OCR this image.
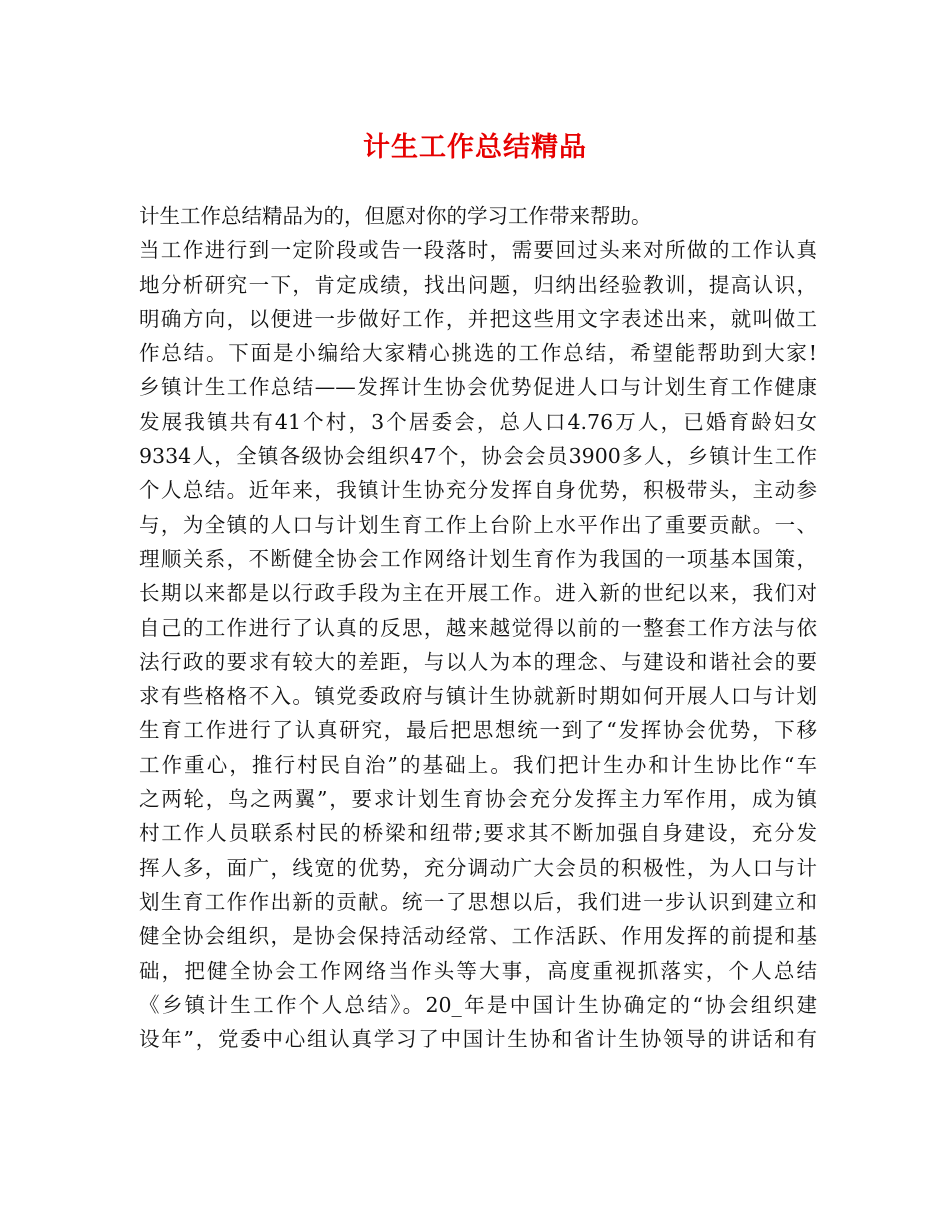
计生工作总结精品
计生工作总结精品为的，但愿对你的学习工作带来帮助。
当工作进行到一定阶段或告一段落时，需要回过头来对所做的工作认真
地分析研究一下，肯定成绩，找出问题，归纳出经验教训，提高认识，
明确方向，以便进一步做好工作，并把这些用文字表述出来，就叫做工
作总结。下面是小编给大家精心挑选的工作总结，希望能帮助到大家!
乡镇计生工作总结——发挥计生协会优势促进人口与计划生育工作健康
发展我镇共有41个村，3个居委会，总人口4.76万人，已婚育龄妇女
9334人，全镇各级协会组织47个，协会会员3900多人，乡镇计生工作
个人总结。近年来，我镇计生协充分发挥自身优势，积极带头，主动参
与，为全镇的人口与计划生育工作上台阶上水平作出了重要贡献。一、
理顺关系，不断健全协会工作网络计划生育作为我国的一项基本国策，
长期以来都是以行政手段为主在开展工作。进入新的世纪以来，我们对
自己的工作进行了认真的反思，越来越觉得以前的一整套工作方法与依
法行政的要求有较大的差距，与以人为本的理念、与建设和谐社会的要
求有些格格不入。镇党委政府与镇计生协就新时期如何开展人口与计划
生育工作进行了认真研究，最后把思想统一到了“发挥协会优势，下移
工作重心，推行村民自治”的基础上。我们把计生办和计生协比作“车
之两轮，鸟之两翼”，要求计划生育协会充分发挥主力军作用，成为镇
村工作人员联系村民的桥梁和纽带;要求其不断加强自身建设，充分发
挥人多，面广，线宽的优势，充分调动广大会员的积极性，为人口与计
划生育工作作出新的贡献。统一了思想以后，我们进一步认识到建立和
健全协会组织，是协会保持活动经常、工作活跃、作用发挥的前提和基
础，把健全协会工作网络当作头等大事，高度重视抓落实，个人总结
《乡镇计生工作个人总结》。20_年是中国计生协确定的“协会组织建
设年”，党委中心组认真学习了中国计生协和省计生协领导的讲话和有
